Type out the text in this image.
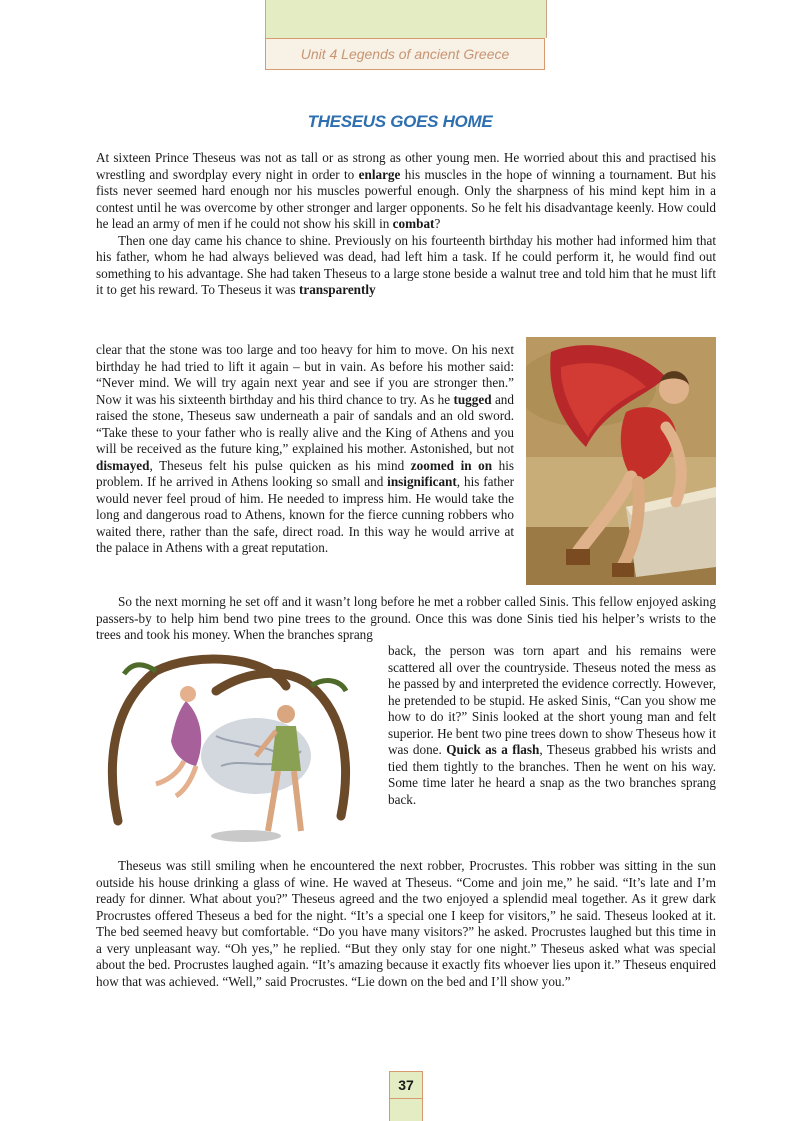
Unit 4 Legends of ancient Greece
THESEUS GOES HOME

At sixteen Prince Theseus was not as tall or as strong as other young men. He worried about this and practised his wrestling and swordplay every night in order to enlarge his muscles in the hope of winning a tournament. But his fists never seemed hard enough nor his muscles powerful enough. Only the sharpness of his mind kept him in a contest until he was overcome by other stronger and larger opponents. So he felt his disadvantage keenly. How could he lead an army of men if he could not show his skill in combat?

Then one day came his chance to shine. Previously on his fourteenth birthday his mother had informed him that his father, whom he had always believed was dead, had left him a task. If he could perform it, he would find out something to his advantage. She had taken Theseus to a large stone beside a walnut tree and told him that he must lift it to get his reward. To Theseus it was transparently

clear that the stone was too large and too heavy for him to move. On his next birthday he had tried to lift it again – but in vain. As before his mother said: “Never mind. We will try again next year and see if you are stronger then.” Now it was his sixteenth birthday and his third chance to try. As he tugged and raised the stone, Theseus saw underneath a pair of sandals and an old sword. “Take these to your father who is really alive and the King of Athens and you will be received as the future king,” explained his mother. Astonished, but not dismayed, Theseus felt his pulse quicken as his mind zoomed in on his problem. If he arrived in Athens looking so small and insignificant, his father would never feel proud of him. He needed to impress him. He would take the long and dangerous road to Athens, known for the fierce cunning robbers who waited there, rather than the safe, direct road. In this way he would arrive at the palace in Athens with a great reputation.

So the next morning he set off and it wasn’t long before he met a robber called Sinis. This fellow enjoyed asking passers-by to help him bend two pine trees to the ground. Once this was done Sinis tied his helper’s wrists to the trees and took his money. When the branches sprang

back, the person was torn apart and his remains were scattered all over the countryside. Theseus noted the mess as he passed by and interpreted the evidence correctly. However, he pretended to be stupid. He asked Sinis, “Can you show me how to do it?” Sinis looked at the short young man and felt superior. He bent two pine trees down to show Theseus how it was done. Quick as a flash, Theseus grabbed his wrists and tied them tightly to the branches. Then he went on his way. Some time later he heard a snap as the two branches sprang back.

Theseus was still smiling when he encountered the next robber, Procrustes. This robber was sitting in the sun outside his house drinking a glass of wine. He waved at Theseus. “Come and join me,” he said. “It’s late and I’m ready for dinner. What about you?” Theseus agreed and the two enjoyed a splendid meal together. As it grew dark Procrustes offered Theseus a bed for the night. “It’s a special one I keep for visitors,” he said. Theseus looked at it. The bed seemed heavy but comfortable. “Do you have many visitors?” he asked. Procrustes laughed but this time in a very unpleasant way. “Oh yes,” he replied. “But they only stay for one night.” Theseus asked what was special about the bed. Procrustes laughed again. “It’s amazing because it exactly fits whoever lies upon it.” Theseus enquired how that was achieved. “Well,” said Procrustes. “Lie down on the bed and I’ll show you.”

37
